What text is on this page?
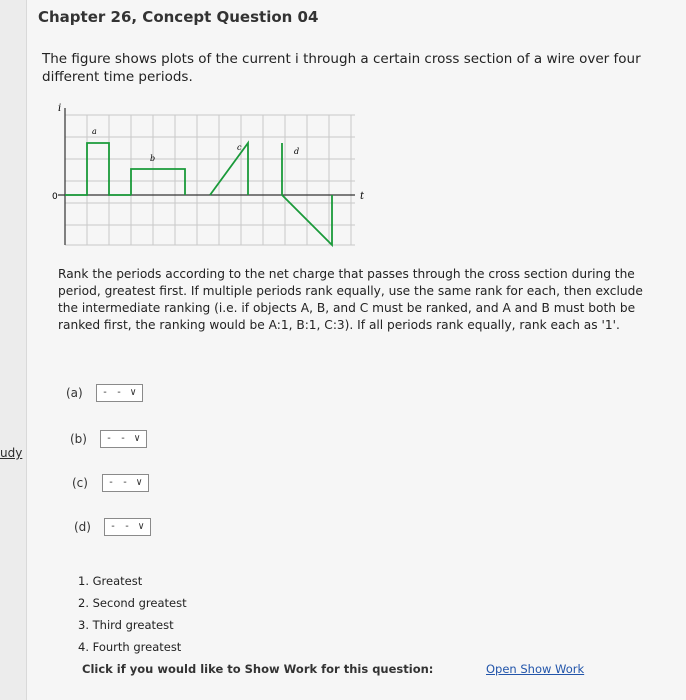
udy
Chapter 26, Concept Question 04
The figure shows plots of the current i through a certain cross section of a wire over four different time periods.
i
t
0
a
b
c	d
Rank the periods according to the net charge that passes through the cross section during the period, greatest first. If multiple periods rank equally, use the same rank for each, then exclude the intermediate ranking (i.e. if objects A, B, and C must be ranked, and A and B must both be ranked first, the ranking would be A:1, B:1, C:3). If all periods rank equally, rank each as '1'.
(a)	- - ∨
(b)	- - ∨
(c)	- - ∨
(d)	- - ∨
1. Greatest
2. Second greatest
3. Third greatest
4. Fourth greatest
Click if you would like to Show Work for this question:	Open Show Work
